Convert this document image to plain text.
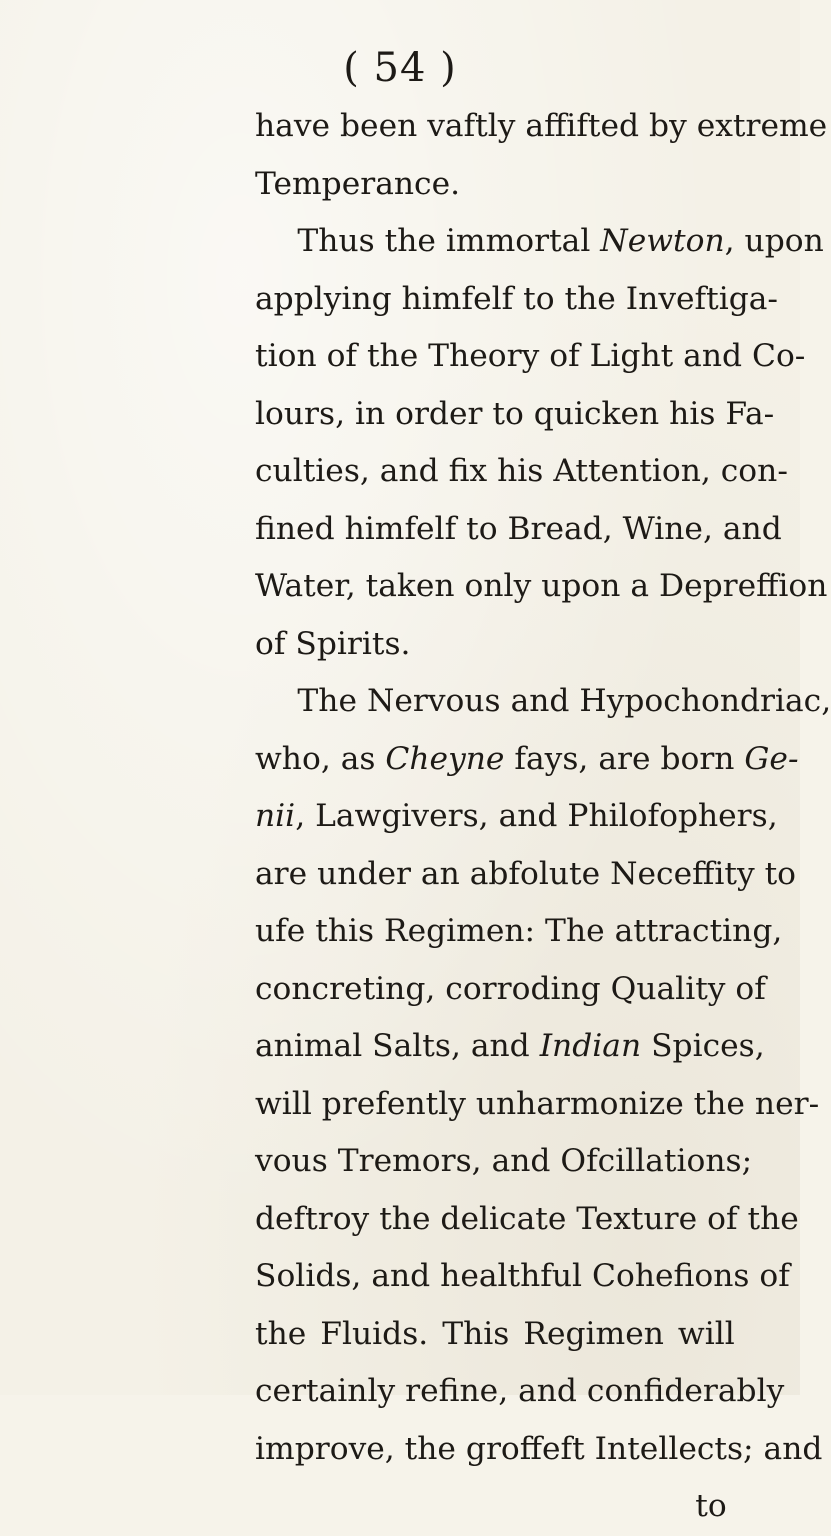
( 54 )
have been vaftly affifted by extreme
Temperance.
Thus the immortal Newton, upon
applying himfelf to the Inveftiga-
tion of the Theory of Light and Co-
lours, in order to quicken his Fa-
culties, and fix his Attention, con-
fined himfelf to Bread, Wine, and
Water, taken only upon a Depreffion
of Spirits.
The Nervous and Hypochondriac,
who, as Cheyne fays, are born Ge-
nii, Lawgivers, and Philofophers,
are under an abfolute Neceffity to
ufe this Regimen: The attracting,
concreting, corroding Quality of
animal Salts, and Indian Spices,
will prefently unharmonize the ner-
vous Tremors, and Ofcillations;
deftroy the delicate Texture of the
Solids, and healthful Cohefions of
the Fluids. This Regimen will
certainly refine, and confiderably
improve, the groffeft Intellects; and
to
